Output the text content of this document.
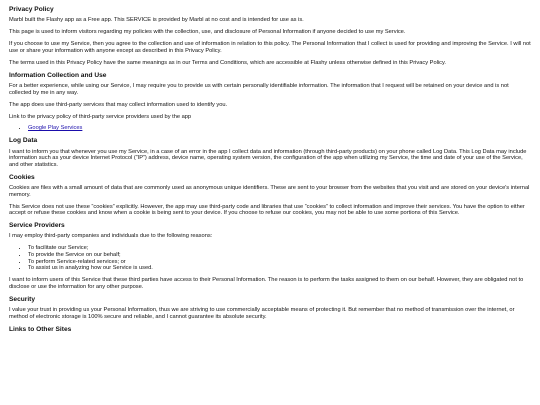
Privacy Policy

Marbl built the Flashy app as a Free app. This SERVICE is provided by Marbl at no cost and is intended for use as is.

This page is used to inform visitors regarding my policies with the collection, use, and disclosure of Personal Information if anyone decided to use my Service.

If you choose to use my Service, then you agree to the collection and use of information in relation to this policy. The Personal Information that I collect is used for providing and improving the Service. I will not use or share your information with anyone except as described in this Privacy Policy.

The terms used in this Privacy Policy have the same meanings as in our Terms and Conditions, which are accessible at Flashy unless otherwise defined in this Privacy Policy.

Information Collection and Use

For a better experience, while using our Service, I may require you to provide us with certain personally identifiable information. The information that I request will be retained on your device and is not collected by me in any way.

The app does use third-party services that may collect information used to identify you.

Link to the privacy policy of third-party service providers used by the app

• Google Play Services
Log Data

I want to inform you that whenever you use my Service, in a case of an error in the app I collect data and information (through third-party products) on your phone called Log Data. This Log Data may include information such as your device Internet Protocol (“IP”) address, device name, operating system version, the configuration of the app when utilizing my Service, the time and date of your use of the Service, and other statistics.

Cookies

Cookies are files with a small amount of data that are commonly used as anonymous unique identifiers. These are sent to your browser from the websites that you visit and are stored on your device's internal memory.

This Service does not use these “cookies” explicitly. However, the app may use third-party code and libraries that use “cookies” to collect information and improve their services. You have the option to either accept or refuse these cookies and know when a cookie is being sent to your device. If you choose to refuse our cookies, you may not be able to use some portions of this Service.

Service Providers

I may employ third-party companies and individuals due to the following reasons:

• To facilitate our Service;
• To provide the Service on our behalf;
• To perform Service-related services; or
• To assist us in analyzing how our Service is used.

I want to inform users of this Service that these third parties have access to their Personal Information. The reason is to perform the tasks assigned to them on our behalf. However, they are obligated not to disclose or use the information for any other purpose.

Security

I value your trust in providing us your Personal Information, thus we are striving to use commercially acceptable means of protecting it. But remember that no method of transmission over the internet, or method of electronic storage is 100% secure and reliable, and I cannot guarantee its absolute security.

Links to Other Sites
